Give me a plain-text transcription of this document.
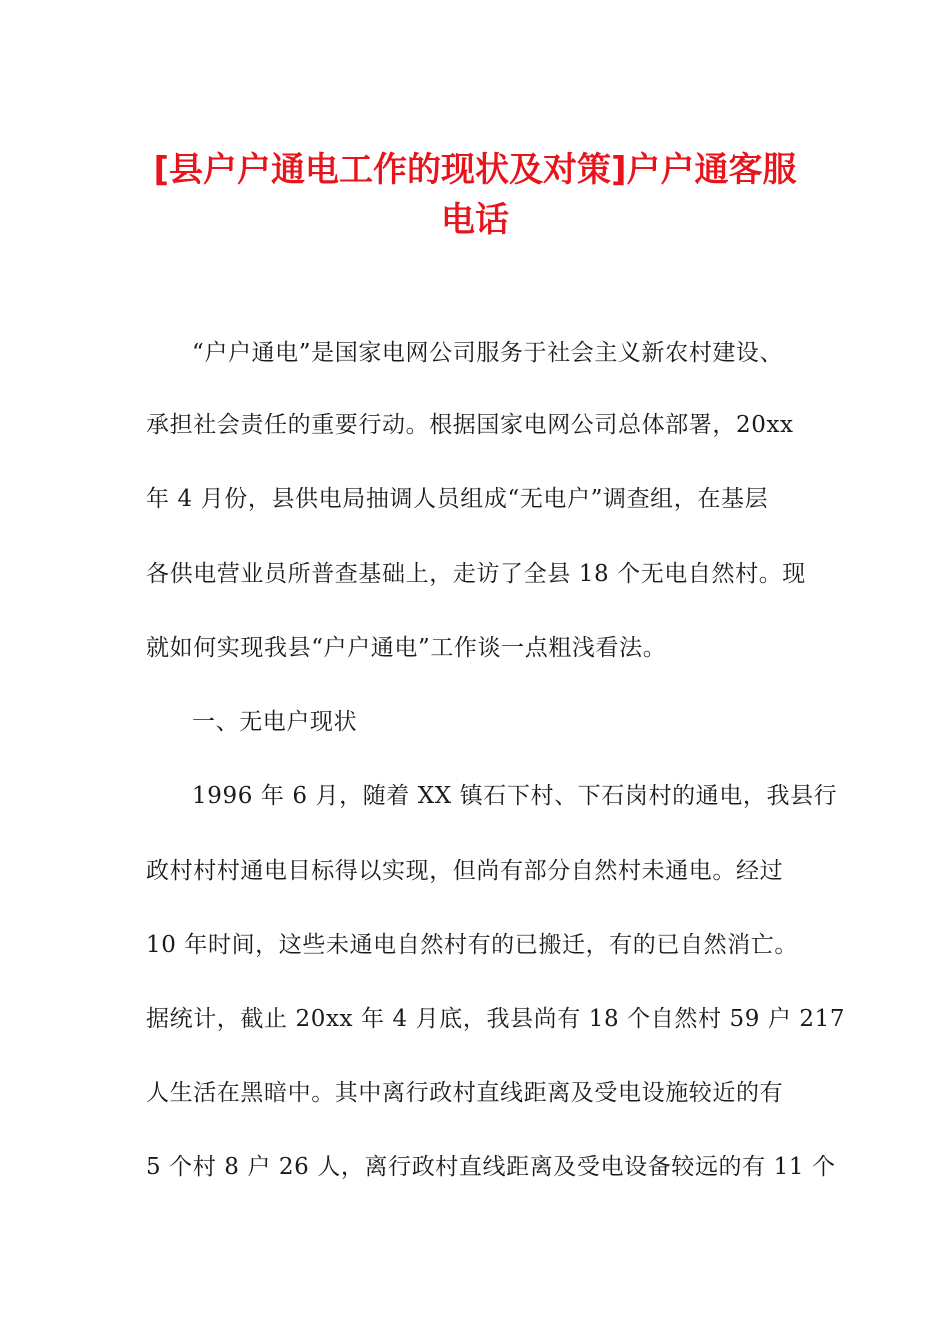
[县户户通电工作的现状及对策]户户通客服
电话
“户户通电”是国家电网公司服务于社会主义新农村建设、
承担社会责任的重要行动。根据国家电网公司总体部署，20xx
年 4 月份，县供电局抽调人员组成“无电户”调查组，在基层
各供电营业员所普查基础上，走访了全县 18 个无电自然村。现
就如何实现我县“户户通电”工作谈一点粗浅看法。
一、无电户现状
1996 年 6 月，随着 XX 镇石下村、下石岗村的通电，我县行
政村村村通电目标得以实现，但尚有部分自然村未通电。经过
10 年时间，这些未通电自然村有的已搬迁，有的已自然消亡。
据统计，截止 20xx 年 4 月底，我县尚有 18 个自然村 59 户 217
人生活在黑暗中。其中离行政村直线距离及受电设施较近的有
5 个村 8 户 26 人，离行政村直线距离及受电设备较远的有 11 个
